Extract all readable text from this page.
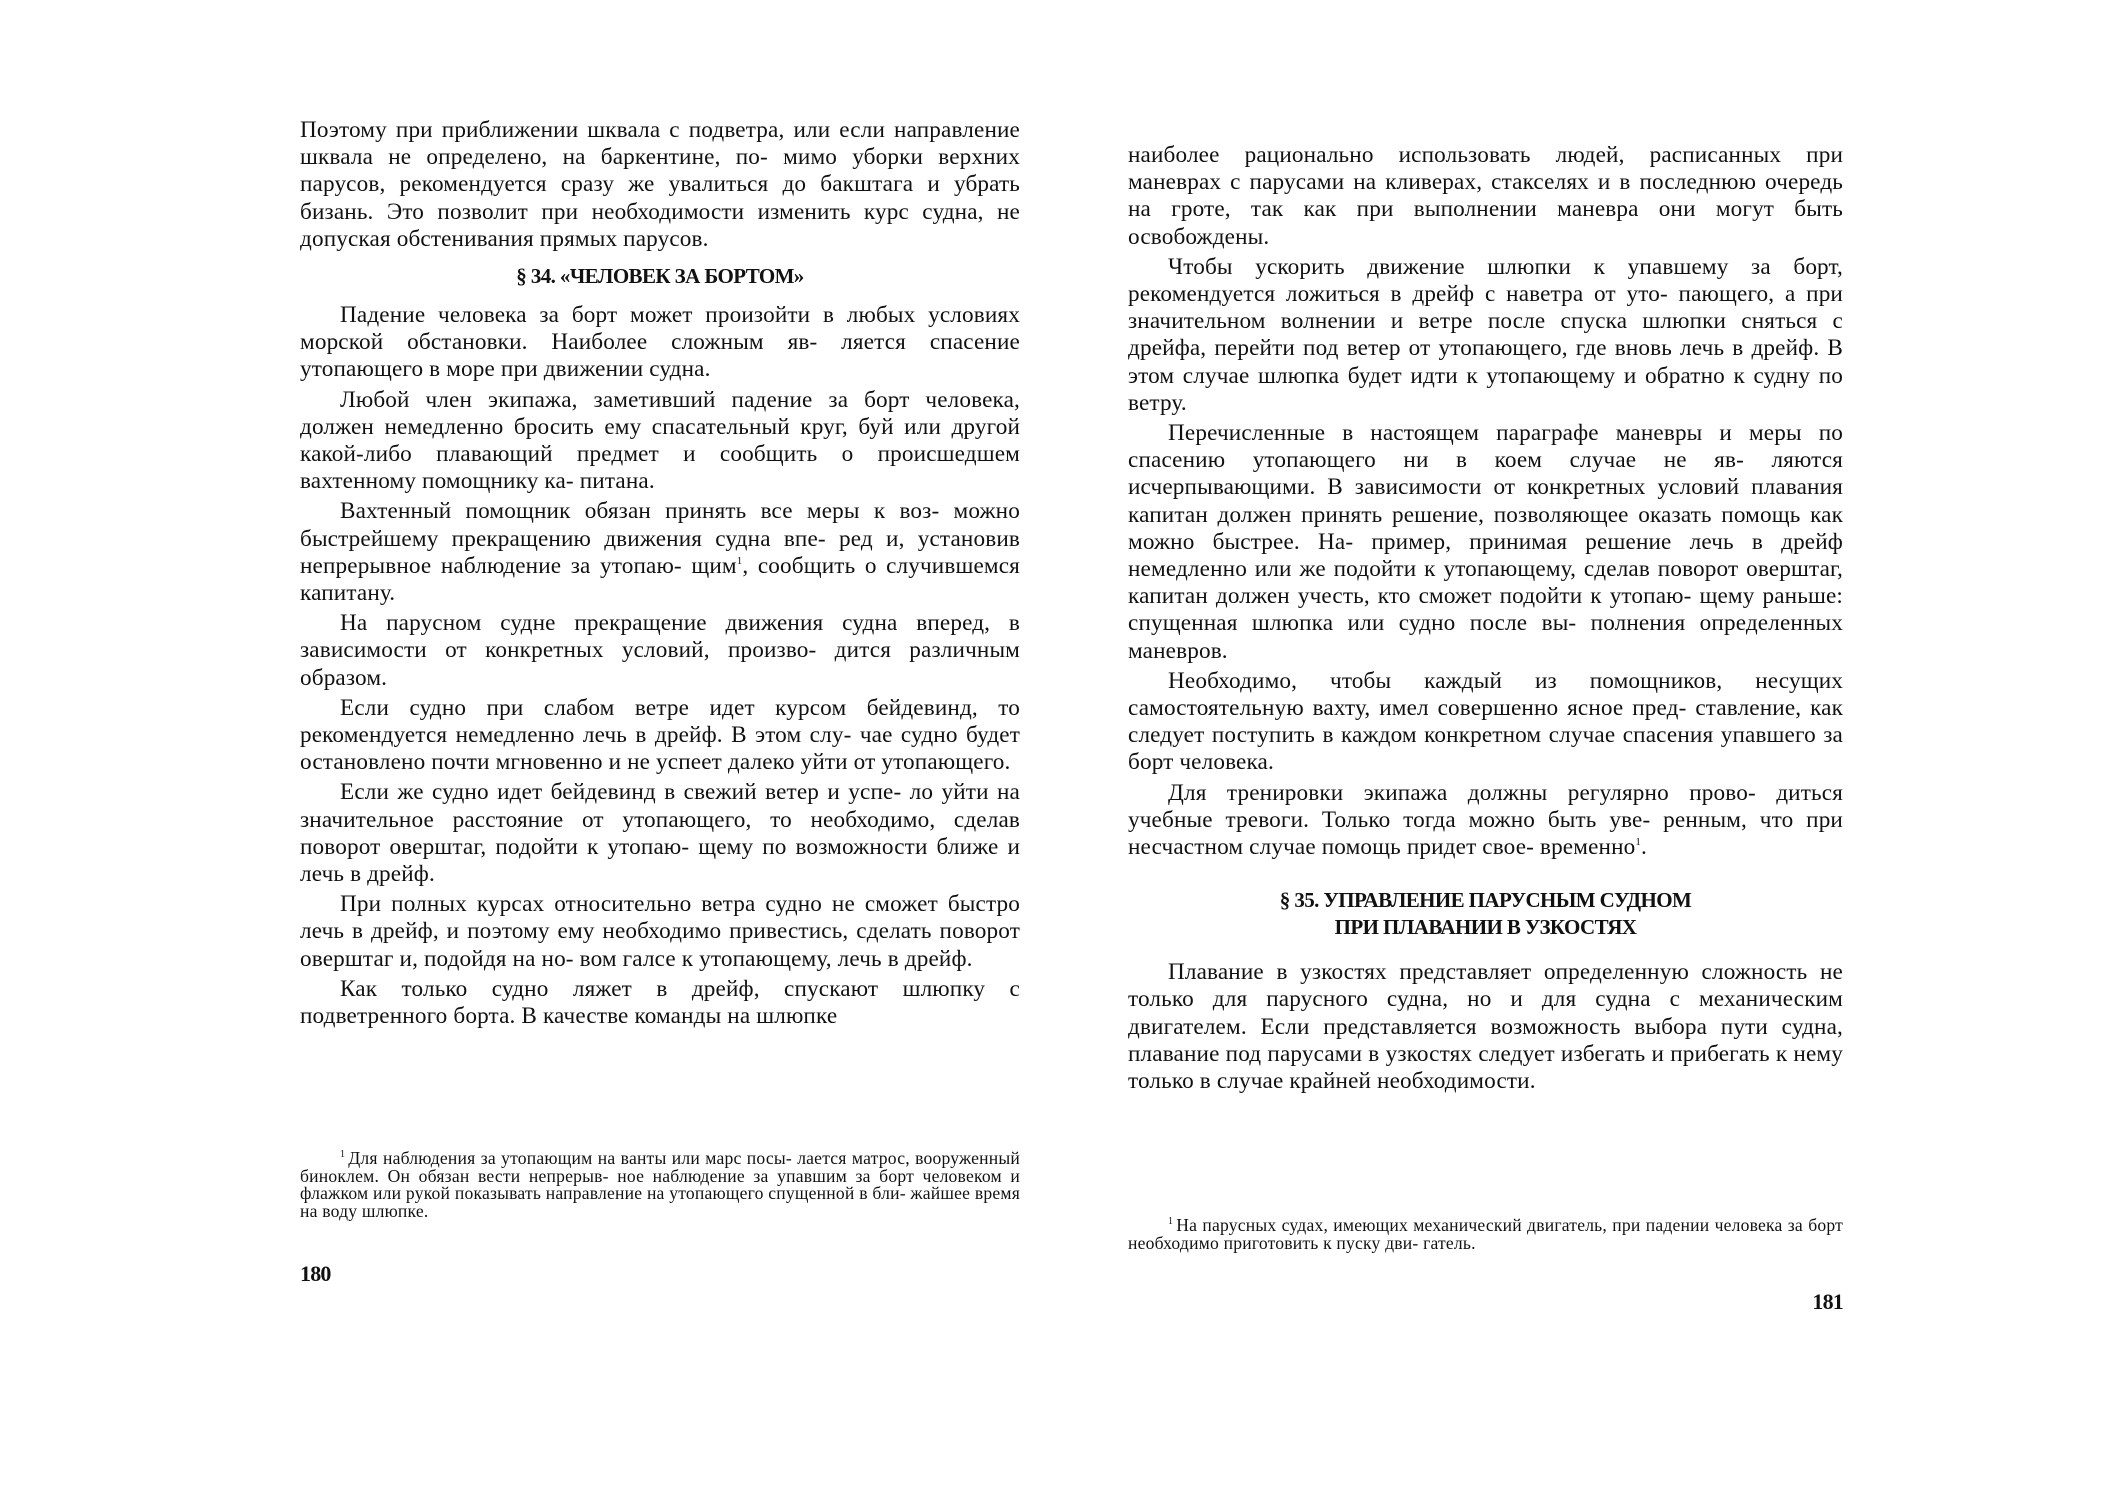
Поэтому при приближении шквала с подветра, или если направление шквала не определено, на баркентине, по- мимо уборки верхних парусов, рекомендуется сразу же увалиться до бакштага и убрать бизань. Это позволит при необходимости изменить курс судна, не допуская обстенивания прямых парусов.

§ 34. «ЧЕЛОВЕК ЗА БОРТОМ»

Падение человека за борт может произойти в любых условиях морской обстановки. Наиболее сложным яв- ляется спасение утопающего в море при движении судна.

Любой член экипажа, заметивший падение за борт человека, должен немедленно бросить ему спасательный круг, буй или другой какой-либо плавающий предмет и сообщить о происшедшем вахтенному помощнику ка- питана.

Вахтенный помощник обязан принять все меры к воз- можно быстрейшему прекращению движения судна впе- ред и, установив непрерывное наблюдение за утопаю- щим$^1$, сообщить о случившемся капитану.

На парусном судне прекращение движения судна вперед, в зависимости от конкретных условий, произво- дится различным образом.

Если судно при слабом ветре идет курсом бейдевинд, то рекомендуется немедленно лечь в дрейф. В этом слу- чае судно будет остановлено почти мгновенно и не успеет далеко уйти от утопающего.

Если же судно идет бейдевинд в свежий ветер и успе- ло уйти на значительное расстояние от утопающего, то необходимо, сделав поворот оверштаг, подойти к утопаю- щему по возможности ближе и лечь в дрейф.

При полных курсах относительно ветра судно не сможет быстро лечь в дрейф, и поэтому ему необходимо привестись, сделать поворот оверштаг и, подойдя на но- вом галсе к утопающему, лечь в дрейф.

Как только судно ляжет в дрейф, спускают шлюпку с подветренного борта. В качестве команды на шлюпке

$^1$ Для наблюдения за утопающим на ванты или марс посы- лается матрос, вооруженный биноклем. Он обязан вести непрерыв- ное наблюдение за упавшим за борт человеком и флажком или рукой показывать направление на утопающего спущенной в бли- жайшее время на воду шлюпке.
180

наиболее рационально использовать людей, расписанных при маневрах с парусами на кливерах, стакселях и в последнюю очередь на гроте, так как при выполнении маневра они могут быть освобождены.

Чтобы ускорить движение шлюпки к упавшему за борт, рекомендуется ложиться в дрейф с наветра от уто- пающего, а при значительном волнении и ветре после спуска шлюпки сняться с дрейфа, перейти под ветер от утопающего, где вновь лечь в дрейф. В этом случае шлюпка будет идти к утопающему и обратно к судну по ветру.

Перечисленные в настоящем параграфе маневры и меры по спасению утопающего ни в коем случае не яв- ляются исчерпывающими. В зависимости от конкретных условий плавания капитан должен принять решение, позволяющее оказать помощь как можно быстрее. На- пример, принимая решение лечь в дрейф немедленно или же подойти к утопающему, сделав поворот оверштаг, капитан должен учесть, кто сможет подойти к утопаю- щему раньше: спущенная шлюпка или судно после вы- полнения определенных маневров.

Необходимо, чтобы каждый из помощников, несущих самостоятельную вахту, имел совершенно ясное пред- ставление, как следует поступить в каждом конкретном случае спасения упавшего за борт человека.

Для тренировки экипажа должны регулярно прово- диться учебные тревоги. Только тогда можно быть уве- ренным, что при несчастном случае помощь придет свое- временно$^1$.

§ 35. УПРАВЛЕНИЕ ПАРУСНЫМ СУДНОМ
ПРИ ПЛАВАНИИ В УЗКОСТЯХ

Плавание в узкостях представляет определенную сложность не только для парусного судна, но и для судна с механическим двигателем. Если представляется возможность выбора пути судна, плавание под парусами в узкостях следует избегать и прибегать к нему только в случае крайней необходимости.

$^1$ На парусных судах, имеющих механический двигатель, при падении человека за борт необходимо приготовить к пуску дви- гатель.
181
